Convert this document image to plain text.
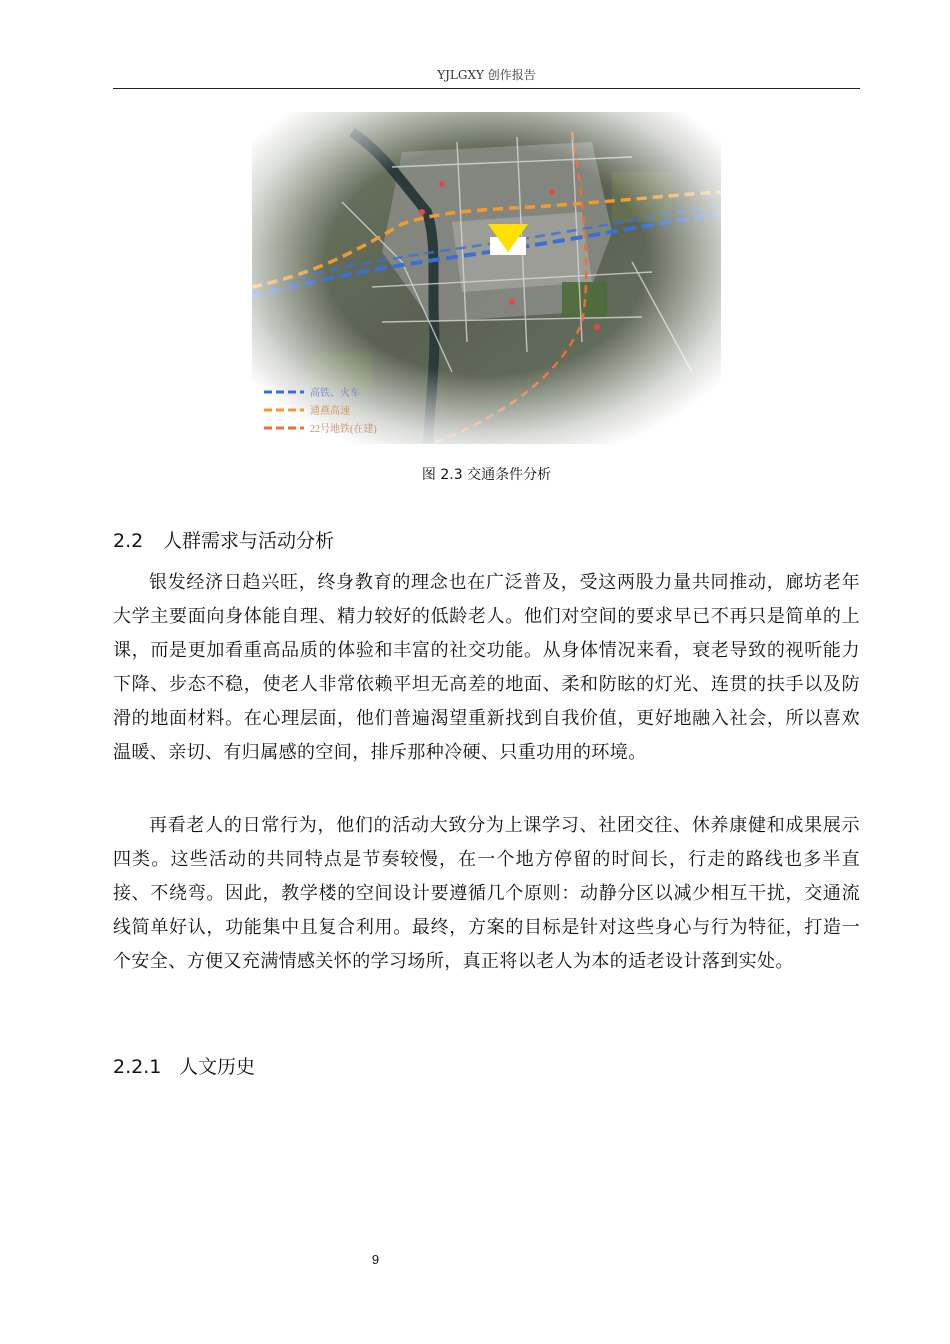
YJLGXY 创作报告
高铁、火车
通燕高速
22号地铁(在建)
图 2.3 交通条件分析
2.2 人群需求与活动分析

银发经济日趋兴旺，终身教育的理念也在广泛普及，受这两股力量共同推动，廊坊老年大学主要面向身体能自理、精力较好的低龄老人。他们对空间的要求早已不再只是简单的上课，而是更加看重高品质的体验和丰富的社交功能。从身体情况来看，衰老导致的视听能力下降、步态不稳，使老人非常依赖平坦无高差的地面、柔和防眩的灯光、连贯的扶手以及防滑的地面材料。在心理层面，他们普遍渴望重新找到自我价值，更好地融入社会，所以喜欢温暖、亲切、有归属感的空间，排斥那种冷硬、只重功用的环境。

再看老人的日常行为，他们的活动大致分为上课学习、社团交往、休养康健和成果展示四类。这些活动的共同特点是节奏较慢，在一个地方停留的时间长，行走的路线也多半直接、不绕弯。因此，教学楼的空间设计要遵循几个原则：动静分区以减少相互干扰，交通流线简单好认，功能集中且复合利用。最终，方案的目标是针对这些身心与行为特征，打造一个安全、方便又充满情感关怀的学习场所，真正将以老人为本的适老设计落到实处。

2.2.1 人文历史
9
